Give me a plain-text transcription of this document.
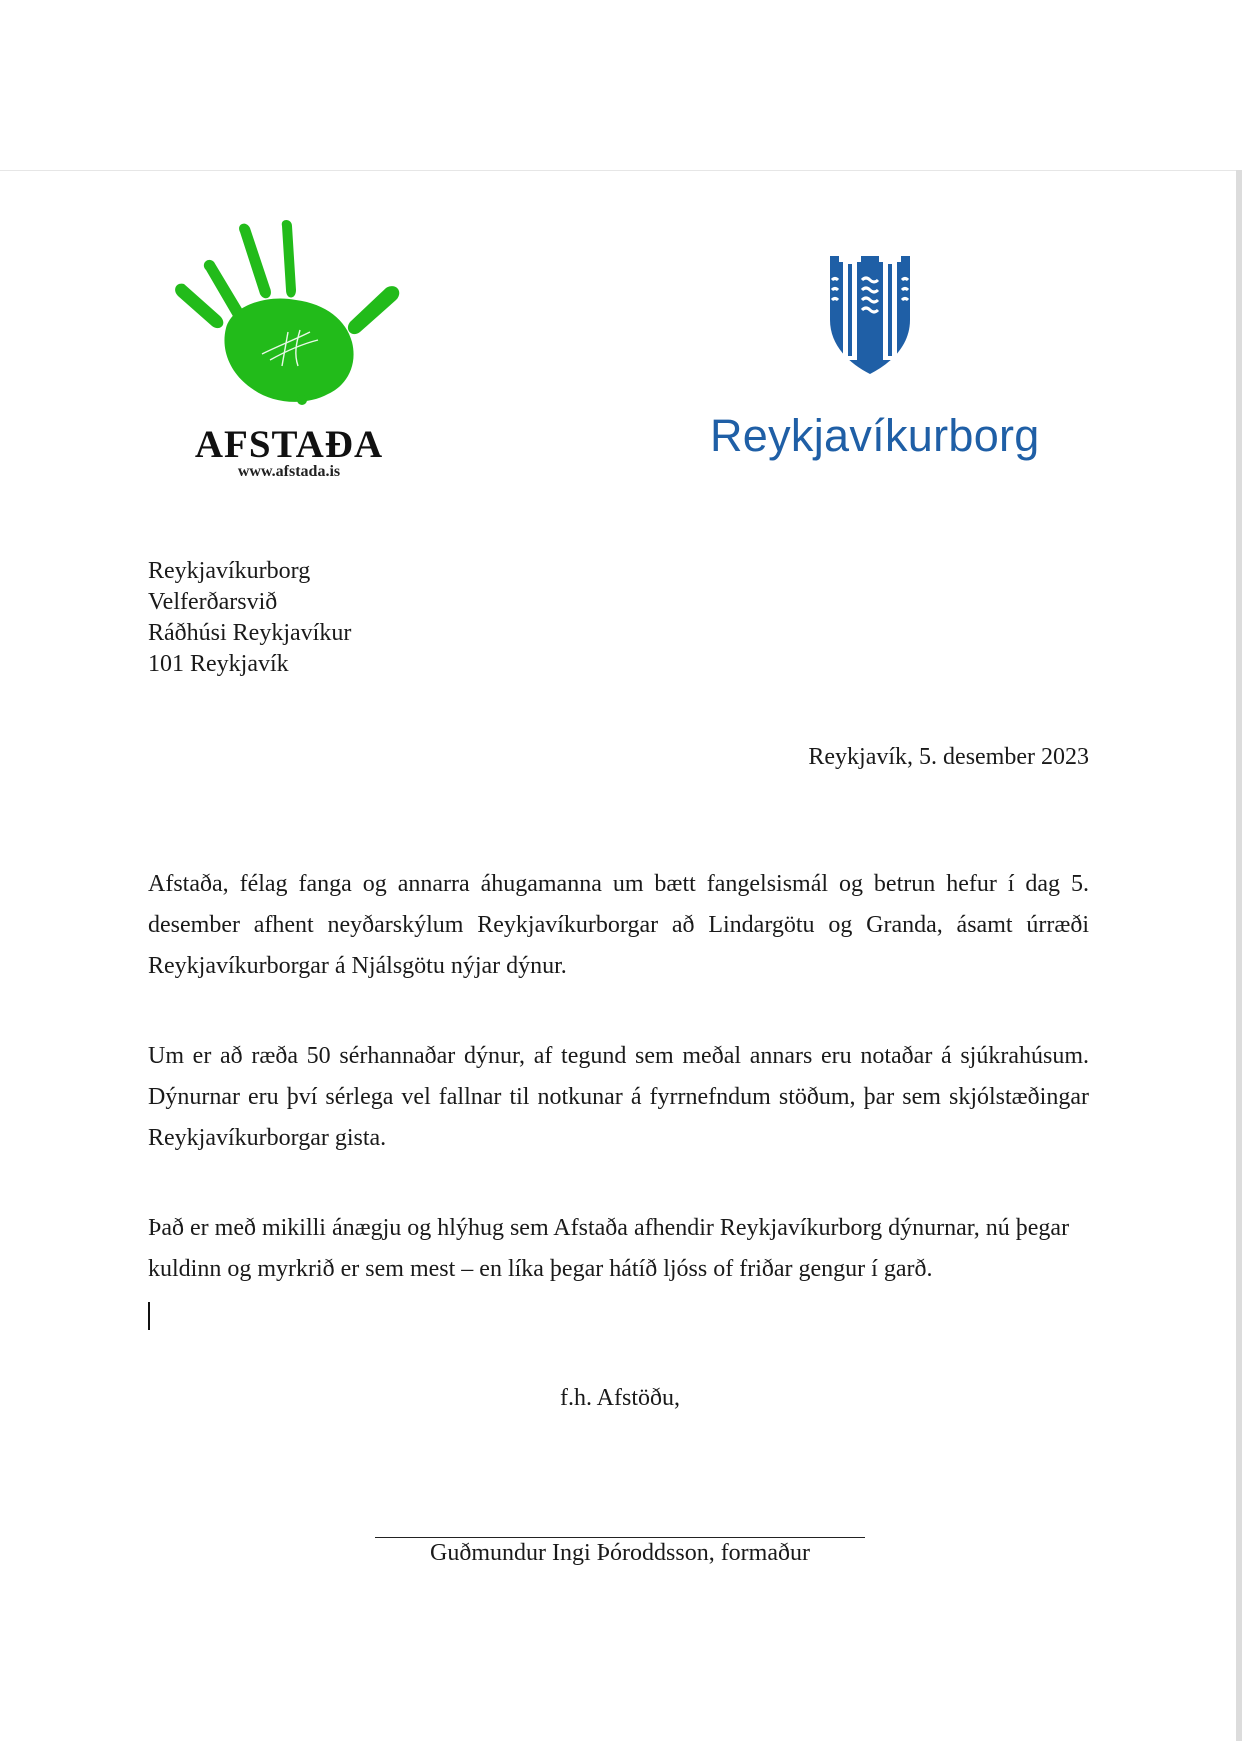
AFSTAÐA
www.afstada.is
Reykjavíkurborg
Reykjavíkurborg
Velferðarsvið
Ráðhúsi Reykjavíkur
101 Reykjavík
Reykjavík, 5. desember 2023
Afstaða, félag fanga og annarra áhugamanna um bætt fangelsismál og betrun hefur í dag 5. desember afhent neyðarskýlum Reykjavíkurborgar að Lindargötu og Granda, ásamt úrræði Reykjavíkurborgar á Njálsgötu nýjar dýnur.
Um er að ræða 50 sérhannaðar dýnur, af tegund sem meðal annars eru notaðar á sjúkrahúsum. Dýnurnar eru því sérlega vel fallnar til notkunar á fyrrnefndum stöðum, þar sem skjólstæðingar Reykjavíkurborgar gista.
Það er með mikilli ánægju og hlýhug sem Afstaða afhendir Reykjavíkurborg dýnurnar, nú þegar kuldinn og myrkrið er sem mest – en líka þegar hátíð ljóss of friðar gengur í garð.
f.h. Afstöðu,
Guðmundur Ingi Þóroddsson, formaður
